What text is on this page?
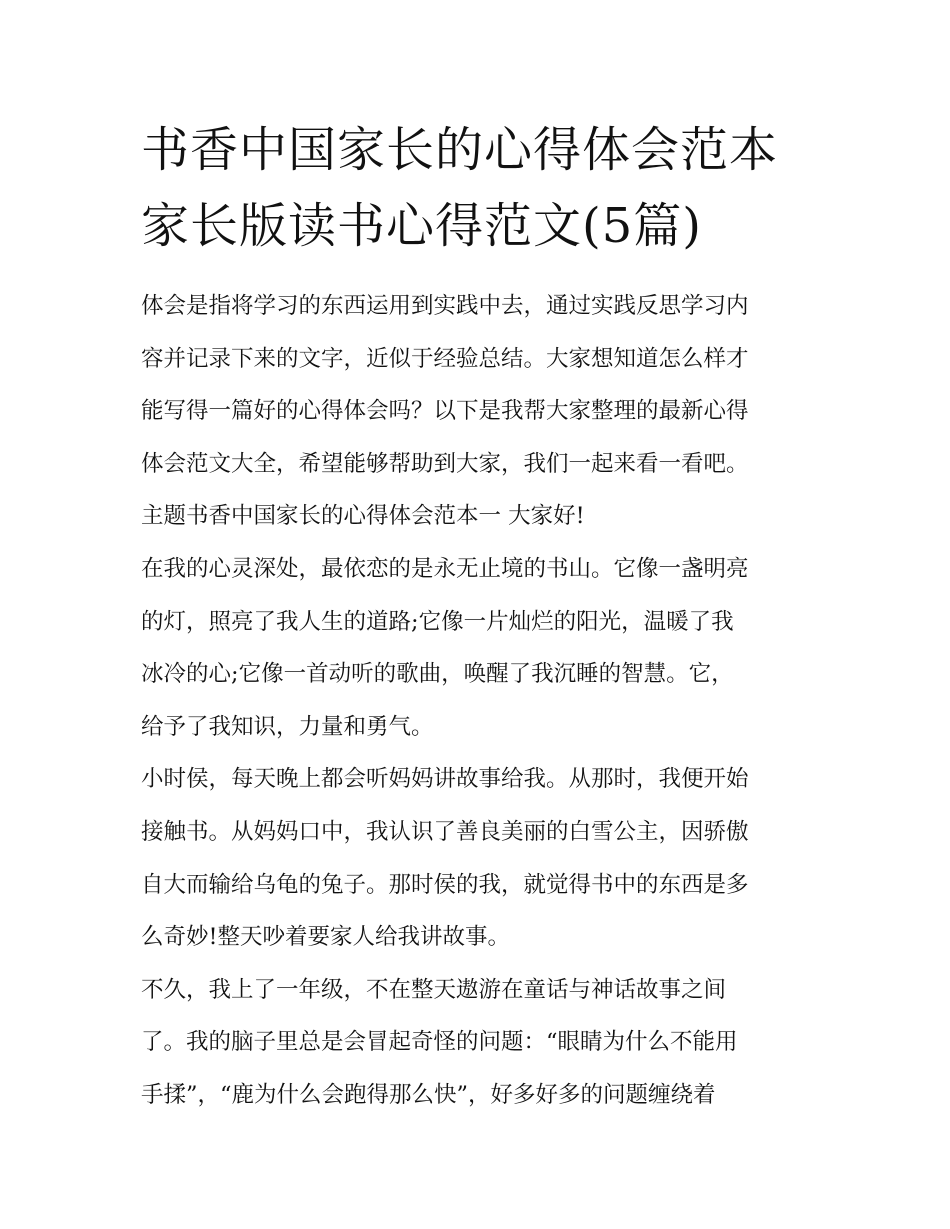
书香中国家长的心得体会范本
家长版读书心得范文(5篇)
体会是指将学习的东西运用到实践中去，通过实践反思学习内
容并记录下来的文字，近似于经验总结。大家想知道怎么样才
能写得一篇好的心得体会吗？以下是我帮大家整理的最新心得
体会范文大全，希望能够帮助到大家，我们一起来看一看吧。
主题书香中国家长的心得体会范本一 大家好!
在我的心灵深处，最依恋的是永无止境的书山。它像一盏明亮
的灯，照亮了我人生的道路;它像一片灿烂的阳光，温暖了我
冰冷的心;它像一首动听的歌曲，唤醒了我沉睡的智慧。它，
给予了我知识，力量和勇气。
小时侯，每天晚上都会听妈妈讲故事给我。从那时，我便开始
接触书。从妈妈口中，我认识了善良美丽的白雪公主，因骄傲
自大而输给乌龟的兔子。那时侯的我，就觉得书中的东西是多
么奇妙!整天吵着要家人给我讲故事。
不久，我上了一年级，不在整天遨游在童话与神话故事之间
了。我的脑子里总是会冒起奇怪的问题：“眼睛为什么不能用
手揉”，“鹿为什么会跑得那么快”，好多好多的问题缠绕着
